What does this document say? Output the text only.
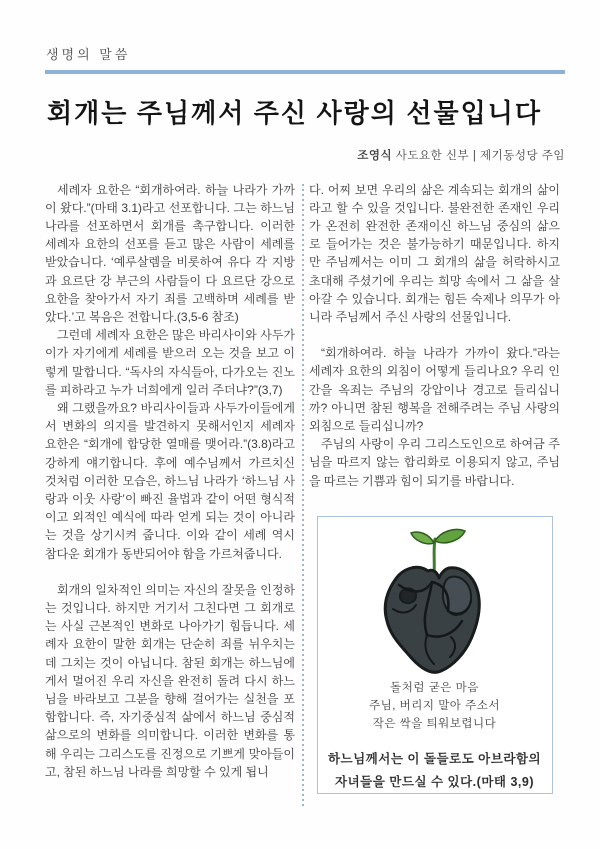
생명의 말씀
회개는 주님께서 주신 사랑의 선물입니다
조영식 사도요한 신부 | 제기동성당 주임

세례자 요한은 “회개하여라. 하늘 나라가 가까이 왔다.”(마태 3.1)라고 선포합니다. 그는 하느님 나라를 선포하면서 회개를 촉구합니다. 이러한 세례자 요한의 선포를 듣고 많은 사람이 세례를 받았습니다. ‘예루살렘을 비롯하여 유다 각 지방과 요르단 강 부근의 사람들이 다 요르단 강으로 요한을 찾아가서 자기 죄를 고백하며 세례를 받았다.’고 복음은 전합니다.(3,5-6 참조)

그런데 세례자 요한은 많은 바리사이와 사두가이가 자기에게 세례를 받으러 오는 것을 보고 이렇게 말합니다. “독사의 자식들아, 다가오는 진노를 피하라고 누가 너희에게 일러 주더냐?”(3,7)

왜 그랬을까요? 바리사이들과 사두가이들에게서 변화의 의지를 발견하지 못해서인지 세례자 요한은 “회개에 합당한 열매를 맺어라.”(3.8)라고 강하게 얘기합니다. 후에 예수님께서 가르치신 것처럼 이러한 모습은, 하느님 나라가 ‘하느님 사랑과 이웃 사랑’이 빠진 율법과 같이 어떤 형식적이고 외적인 예식에 따라 얻게 되는 것이 아니라는 것을 상기시켜 줍니다. 이와 같이 세례 역시 참다운 회개가 동반되어야 함을 가르쳐줍니다.

회개의 일차적인 의미는 자신의 잘못을 인정하는 것입니다. 하지만 거기서 그친다면 그 회개로는 사실 근본적인 변화로 나아가기 힘듭니다. 세례자 요한이 말한 회개는 단순히 죄를 뉘우치는 데 그치는 것이 아닙니다. 참된 회개는 하느님에게서 멀어진 우리 자신을 완전히 돌려 다시 하느님을 바라보고 그분을 향해 걸어가는 실천을 포함합니다. 즉, 자기중심적 삶에서 하느님 중심적 삶으로의 변화를 의미합니다. 이러한 변화를 통해 우리는 그리스도를 진정으로 기쁘게 맞아들이고, 참된 하느님 나라를 희망할 수 있게 됩니

다. 어찌 보면 우리의 삶은 계속되는 회개의 삶이라고 할 수 있을 것입니다. 불완전한 존재인 우리가 온전히 완전한 존재이신 하느님 중심의 삶으로 들어가는 것은 불가능하기 때문입니다. 하지만 주님께서는 이미 그 회개의 삶을 허락하시고 초대해 주셨기에 우리는 희망 속에서 그 삶을 살아갈 수 있습니다. 회개는 힘든 숙제나 의무가 아니라 주님께서 주신 사랑의 선물입니다.

“회개하여라. 하늘 나라가 가까이 왔다.”라는 세례자 요한의 외침이 어떻게 들리나요? 우리 인간을 옥죄는 주님의 강압이나 경고로 들리십니까? 아니면 참된 행복을 전해주려는 주님 사랑의 외침으로 들리십니까?

주님의 사랑이 우리 그리스도인으로 하여금 주님을 따르지 않는 합리화로 이용되지 않고, 주님을 따르는 기쁨과 힘이 되기를 바랍니다.

돌처럼 굳은 마음
주님, 버리지 말아 주소서
작은 싹을 틔워보렵니다
하느님께서는 이 돌들로도 아브라함의
자녀들을 만드실 수 있다.(마태 3,9)
